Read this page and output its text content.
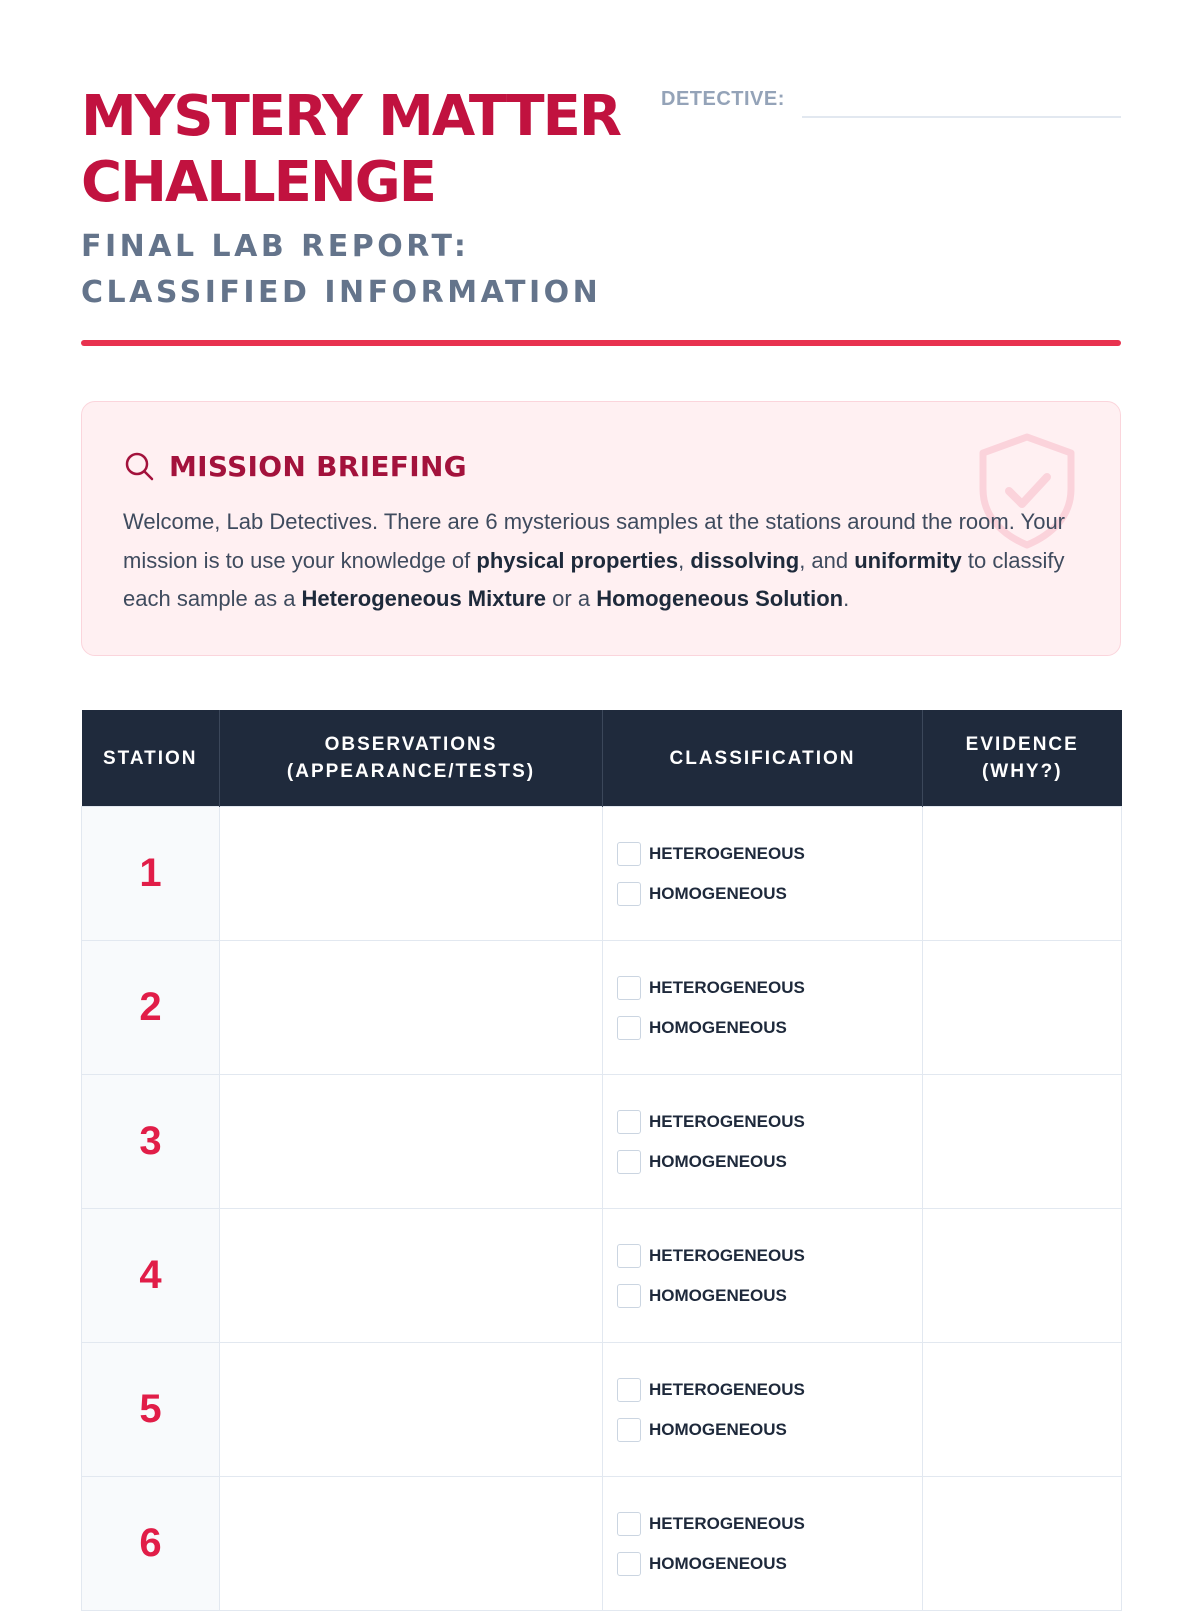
MYSTERY MATTER
CHALLENGE
FINAL LAB REPORT:
CLASSIFIED INFORMATION
DETECTIVE:
MISSION BRIEFING

Welcome, Lab Detectives. There are 6 mysterious samples at the stations around the room. Your mission is to use your knowledge of physical properties, dissolving, and uniformity to classify each sample as a Heterogeneous Mixture or a Homogeneous Solution.

STATION	OBSERVATIONS (APPEARANCE/TESTS)	CLASSIFICATION	EVIDENCE (WHY?)
1		HETEROGENEOUS
HOMOGENEOUS	

2		HETEROGENEOUS
HOMOGENEOUS	

3		HETEROGENEOUS
HOMOGENEOUS	

4		HETEROGENEOUS
HOMOGENEOUS	

5		HETEROGENEOUS
HOMOGENEOUS	

6		HETEROGENEOUS
HOMOGENEOUS	
